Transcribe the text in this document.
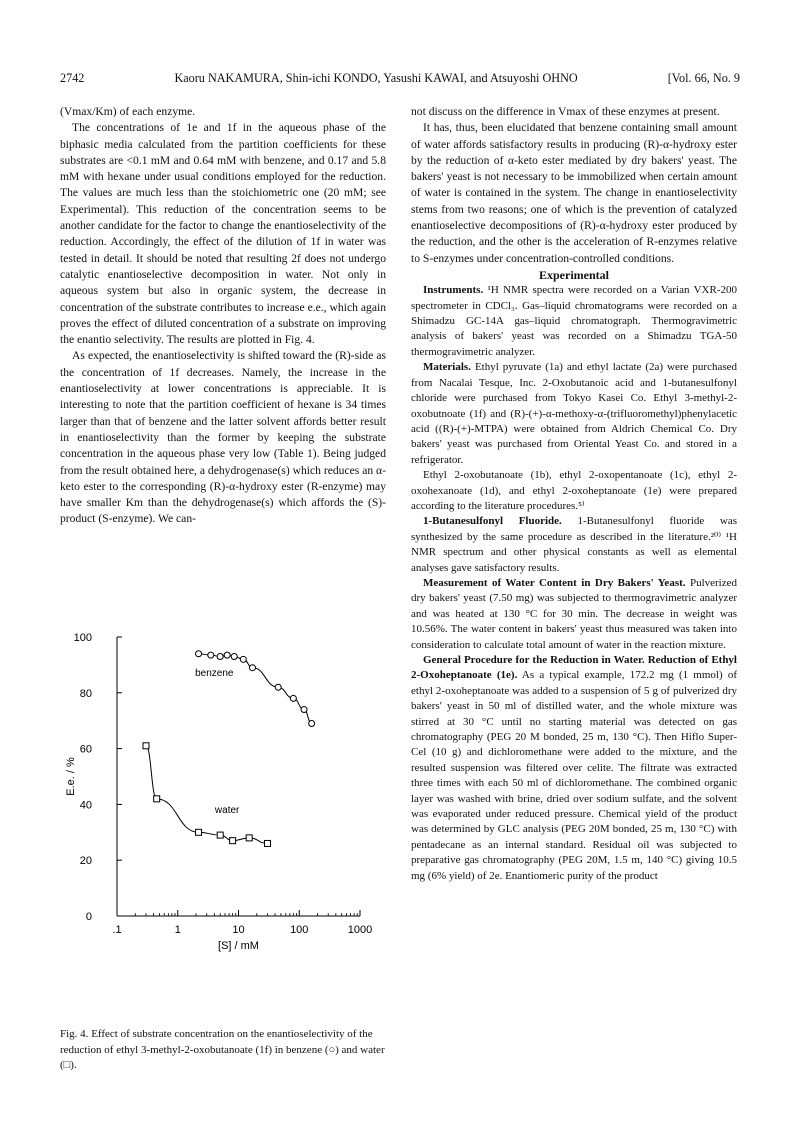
2742	Kaoru NAKAMURA, Shin-ichi KONDO, Yasushi KAWAI, and Atsuyoshi OHNO	[Vol. 66, No. 9

(Vmax/Km) of each enzyme.

The concentrations of 1e and 1f in the aqueous phase of the biphasic media calculated from the partition coefficients for these substrates are <0.1 mM and 0.64 mM with benzene, and 0.17 and 5.8 mM with hexane under usual conditions employed for the reduction. The values are much less than the stoichiometric one (20 mM; see Experimental). This reduction of the concentration seems to be another candidate for the factor to change the enantioselectivity of the reduction. Accordingly, the effect of the dilution of 1f in water was tested in detail. It should be noted that resulting 2f does not undergo catalytic enantioselective decomposition in water. Not only in aqueous system but also in organic system, the decrease in concentration of the substrate contributes to increase e.e., which again proves the effect of diluted concentration of a substrate on improving the enantio selectivity. The results are plotted in Fig. 4.

As expected, the enantioselectivity is shifted toward the (R)-side as the concentration of 1f decreases. Namely, the increase in the enantioselectivity at lower concentrations is appreciable. It is interesting to note that the partition coefficient of hexane is 34 times larger than that of benzene and the latter solvent affords better result in enantioselectivity than the former by keeping the substrate concentration in the aqueous phase very low (Table 1). Being judged from the result obtained here, a dehydrogenase(s) which reduces an α-keto ester to the corresponding (R)-α-hydroxy ester (R-enzyme) may have smaller Km than the dehydrogenase(s) which affords the (S)-product (S-enzyme). We can-

0
20
40
60
80
100
.1	1	10	100	1000
[S] / mM
E.e. / %
benzene
water
Fig. 4. Effect of substrate concentration on the enantioselectivity of the reduction of ethyl 3-methyl-2-oxobutanoate (1f) in benzene (○) and water (□).

not discuss on the difference in Vmax of these enzymes at present.

It has, thus, been elucidated that benzene containing small amount of water affords satisfactory results in producing (R)-α-hydroxy ester by the reduction of α-keto ester mediated by dry bakers' yeast. The bakers' yeast is not necessary to be immobilized when certain amount of water is contained in the system. The change in enantioselectivity stems from two reasons; one of which is the prevention of catalyzed enantioselective decompositions of (R)-α-hydroxy ester produced by the reduction, and the other is the acceleration of R-enzymes relative to S-enzymes under concentration-controlled conditions.

Experimental

Instruments. ¹H NMR spectra were recorded on a Varian VXR-200 spectrometer in CDCl₃. Gas–liquid chromatograms were recorded on a Shimadzu GC-14A gas–liquid chromatograph. Thermogravimetric analysis of bakers' yeast was recorded on a Shimadzu TGA-50 thermogravimetric analyzer.

Materials. Ethyl pyruvate (1a) and ethyl lactate (2a) were purchased from Nacalai Tesque, Inc. 2-Oxobutanoic acid and 1-butanesulfonyl chloride were purchased from Tokyo Kasei Co. Ethyl 3-methyl-2-oxobutnoate (1f) and (R)-(+)-α-methoxy-α-(trifluoromethyl)phenylacetic acid ((R)-(+)-MTPA) were obtained from Aldrich Chemical Co. Dry bakers' yeast was purchased from Oriental Yeast Co. and stored in a refrigerator.

Ethyl 2-oxobutanoate (1b), ethyl 2-oxopentanoate (1c), ethyl 2-oxohexanoate (1d), and ethyl 2-oxoheptanoate (1e) were prepared according to the literature procedures.⁵⁾

1-Butanesulfonyl Fluoride. 1-Butanesulfonyl fluoride was synthesized by the same procedure as described in the literature.²⁰⁾ ¹H NMR spectrum and other physical constants as well as elemental analyses gave satisfactory results.

Measurement of Water Content in Dry Bakers' Yeast. Pulverized dry bakers' yeast (7.50 mg) was subjected to thermogravimetric analyzer and was heated at 130 °C for 30 min. The decrease in weight was 10.56%. The water content in bakers' yeast thus measured was taken into consideration to calculate total amount of water in the reaction mixture.

General Procedure for the Reduction in Water. Reduction of Ethyl 2-Oxoheptanoate (1e). As a typical example, 172.2 mg (1 mmol) of ethyl 2-oxoheptanoate was added to a suspension of 5 g of pulverized dry bakers' yeast in 50 ml of distilled water, and the whole mixture was stirred at 30 °C until no starting material was detected on gas chromatography (PEG 20 M bonded, 25 m, 130 °C). Then Hiflo Super-Cel (10 g) and dichloromethane were added to the mixture, and the resulted suspension was filtered over celite. The filtrate was extracted three times with each 50 ml of dichloromethane. The combined organic layer was washed with brine, dried over sodium sulfate, and the solvent was evaporated under reduced pressure. Chemical yield of the product was determined by GLC analysis (PEG 20M bonded, 25 m, 130 °C) with pentadecane as an internal standard. Residual oil was subjected to preparative gas chromatography (PEG 20M, 1.5 m, 140 °C) giving 10.5 mg (6% yield) of 2e. Enantiomeric purity of the product
